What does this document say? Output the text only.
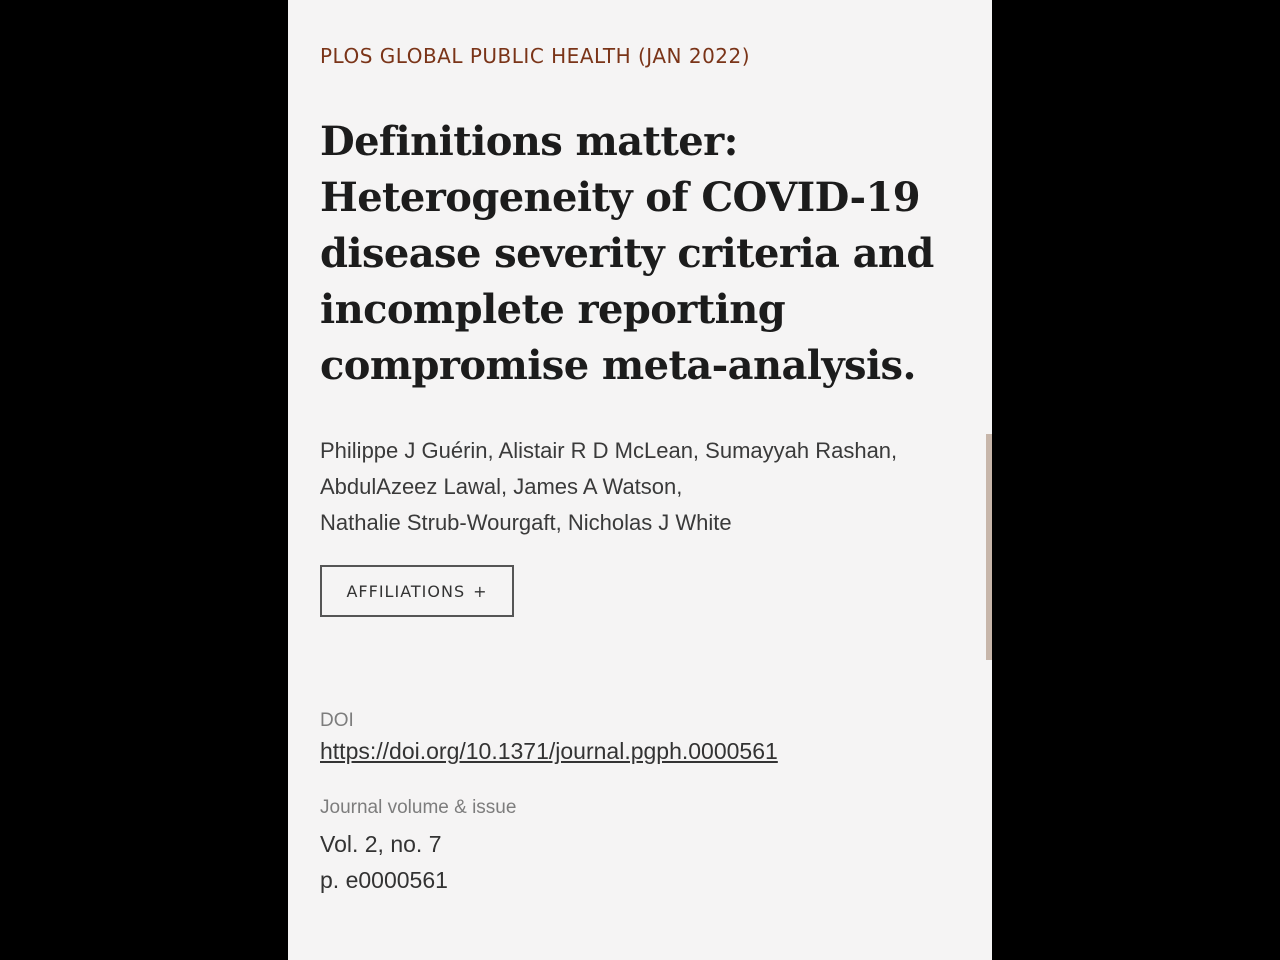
PLOS GLOBAL PUBLIC HEALTH (JAN 2022)
Definitions matter:
Heterogeneity of COVID-19
disease severity criteria and
incomplete reporting
compromise meta-analysis.
Philippe J Guérin, Alistair R D McLean, Sumayyah Rashan,
AbdulAzeez Lawal, James A Watson,
Nathalie Strub-Wourgaft, Nicholas J White
AFFILIATIONS +
DOI
https://doi.org/10.1371/journal.pgph.0000561
Journal volume & issue
Vol. 2, no. 7
p. e0000561
